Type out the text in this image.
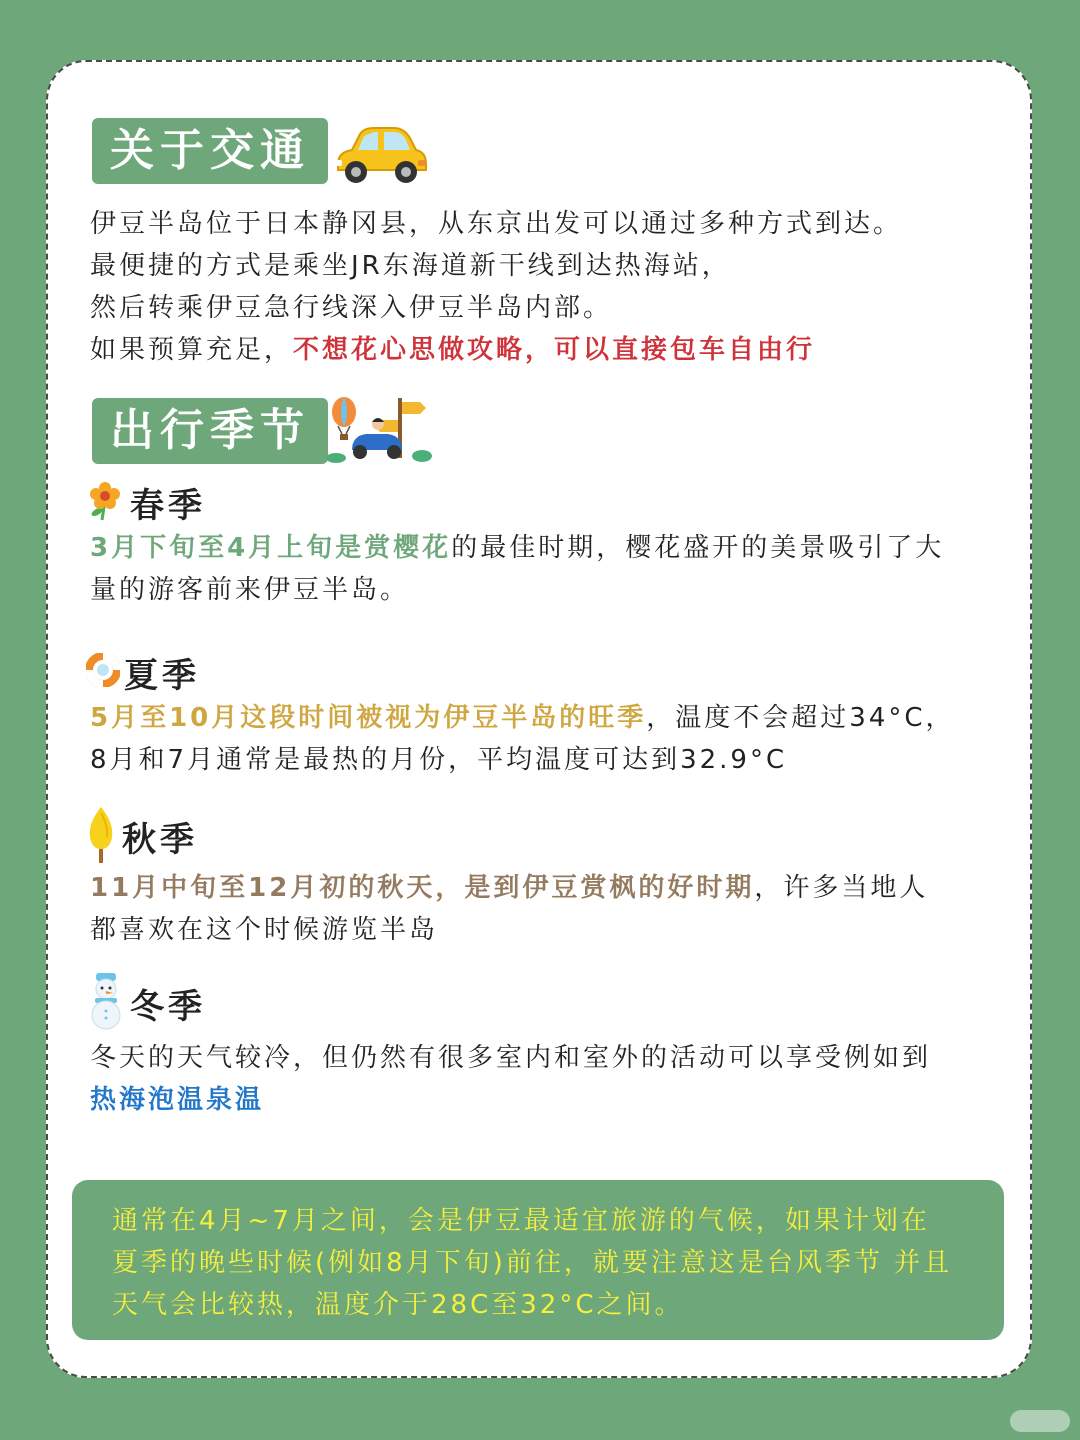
关于交通

伊豆半岛位于日本静冈县，从东京出发可以通过多种方式到达。

最便捷的方式是乘坐JR东海道新干线到达热海站，

然后转乘伊豆急行线深入伊豆半岛内部。

如果预算充足，不想花心思做攻略，可以直接包车自由行

出行季节
春季

3月下旬至4月上旬是赏樱花的最佳时期，樱花盛开的美景吸引了大

量的游客前来伊豆半岛。

夏季

5月至10月这段时间被视为伊豆半岛的旺季，温度不会超过34°C，

8月和7月通常是最热的月份，平均温度可达到32.9°C

秋季

11月中旬至12月初的秋天，是到伊豆赏枫的好时期，许多当地人

都喜欢在这个时候游览半岛

冬季

冬天的天气较冷，但仍然有很多室内和室外的活动可以享受例如到

热海泡温泉温

通常在4月~7月之间，会是伊豆最适宜旅游的气候，如果计划在

夏季的晚些时候(例如8月下旬)前往，就要注意这是台风季节 并且

天气会比较热，温度介于28C至32°C之间。
